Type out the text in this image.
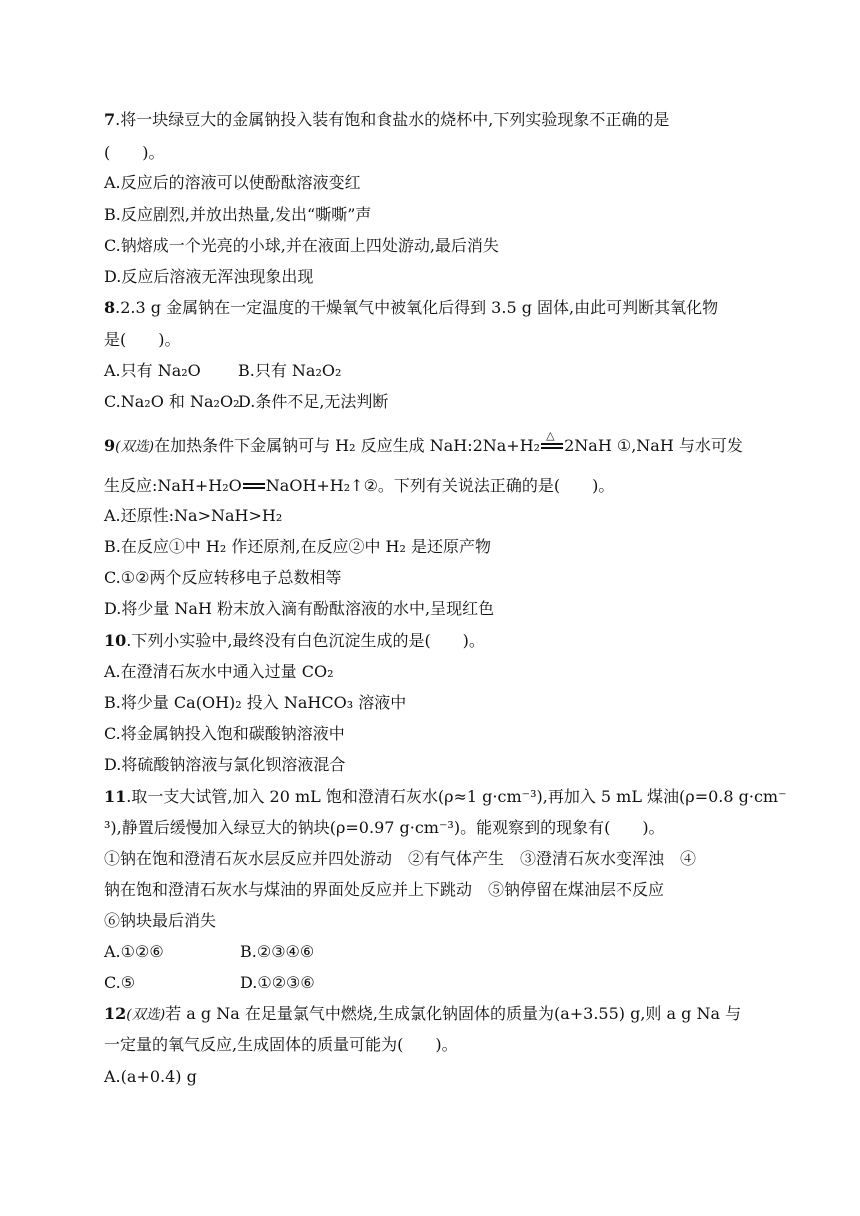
7.将一块绿豆大的金属钠投入装有饱和食盐水的烧杯中,下列实验现象不正确的是
(　　)。
A.反应后的溶液可以使酚酞溶液变红
B.反应剧烈,并放出热量,发出“嘶嘶”声
C.钠熔成一个光亮的小球,并在液面上四处游动,最后消失
D.反应后溶液无浑浊现象出现
8.2.3 g 金属钠在一定温度的干燥氧气中被氧化后得到 3.5 g 固体,由此可判断其氧化物
是(　　)。
A.只有 Na₂O B.只有 Na₂O₂
C.Na₂O 和 Na₂O₂D.条件不足,无法判断
9(双选)在加热条件下金属钠可与 H₂ 反应生成 NaH:2Na+H₂
△
2NaH ①,NaH 与水可发
生反应:NaH+H₂O NaOH+H₂↑②。下列有关说法正确的是(　　)。
A.还原性:Na>NaH>H₂
B.在反应①中 H₂ 作还原剂,在反应②中 H₂ 是还原产物
C.①②两个反应转移电子总数相等
D.将少量 NaH 粉末放入滴有酚酞溶液的水中,呈现红色
10.下列小实验中,最终没有白色沉淀生成的是(　　)。
A.在澄清石灰水中通入过量 CO₂
B.将少量 Ca(OH)₂ 投入 NaHCO₃ 溶液中
C.将金属钠投入饱和碳酸钠溶液中
D.将硫酸钠溶液与氯化钡溶液混合
11.取一支大试管,加入 20 mL 饱和澄清石灰水(ρ≈1 g·cm⁻³),再加入 5 mL 煤油(ρ=0.8 g·cm⁻
³),静置后缓慢加入绿豆大的钠块(ρ=0.97 g·cm⁻³)。能观察到的现象有(　　)。
①钠在饱和澄清石灰水层反应并四处游动　②有气体产生　③澄清石灰水变浑浊　④
钠在饱和澄清石灰水与煤油的界面处反应并上下跳动　⑤钠停留在煤油层不反应
⑥钠块最后消失
A.①②⑥	B.②③④⑥
C.⑤	D.①②③⑥
12(双选)若 a g Na 在足量氯气中燃烧,生成氯化钠固体的质量为(a+3.55) g,则 a g Na 与
一定量的氧气反应,生成固体的质量可能为(　　)。
A.(a+0.4) g
